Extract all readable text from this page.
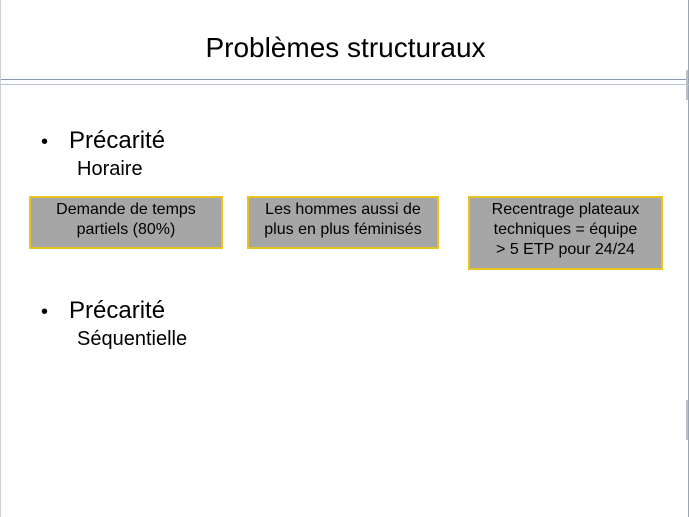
Problèmes structuraux
• Précarité
Horaire
Demande de temps
partiels (80%)
Les hommes aussi de
plus en plus féminisés
Recentrage plateaux
techniques = équipe
> 5 ETP pour 24/24
• Précarité
Séquentielle
